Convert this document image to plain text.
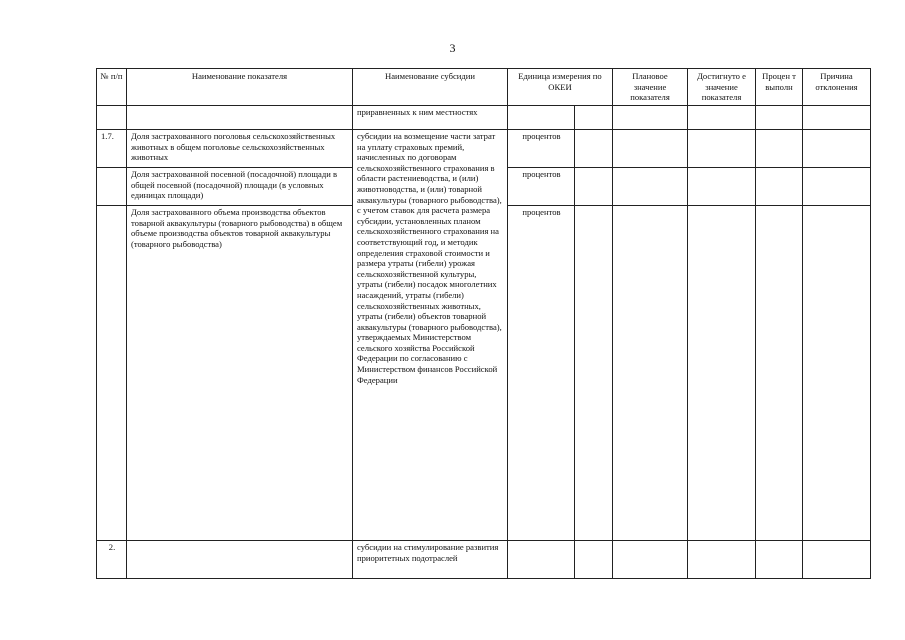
3
№ п/п	Наименование показателя	Наименование субсидии	Единица измерения по ОКЕИ		Плановое значение показателя	Достигнуто е значение показателя	Процен т выполн	Причина отклонения
		приравненных к ним местностях						
1.7.	Доля застрахованного поголовья сельскохозяйственных животных в общем поголовье сельскохозяйственных животных	субсидии на возмещение части затрат на уплату страховых премий, начисленных по договорам сельскохозяйственного страхования в области растениеводства, и (или) животноводства, и (или) товарной аквакультуры (товарного рыбоводства), с учетом ставок для расчета размера субсидии, установленных планом сельскохозяйственного страхования на соответствующий год, и методик определения страховой стоимости и размера утраты (гибели) урожая сельскохозяйственной культуры, утраты (гибели) посадок многолетних насаждений, утраты (гибели) сельскохозяйственных животных, утраты (гибели) объектов товарной аквакультуры (товарного рыбоводства), утверждаемых Министерством сельского хозяйства Российской Федерации по согласованию с Министерством финансов Российской Федерации	процентов					
	Доля застрахованной посевной (посадочной) площади в общей посевной (посадочной) площади (в условных единицах площади)		процентов					
	Доля застрахованного объема производства объектов товарной аквакультуры (товарного рыбоводства) в общем объеме производства объектов товарной аквакультуры (товарного рыбоводства)		процентов					
2.		субсидии на стимулирование развития приоритетных подотраслей						
